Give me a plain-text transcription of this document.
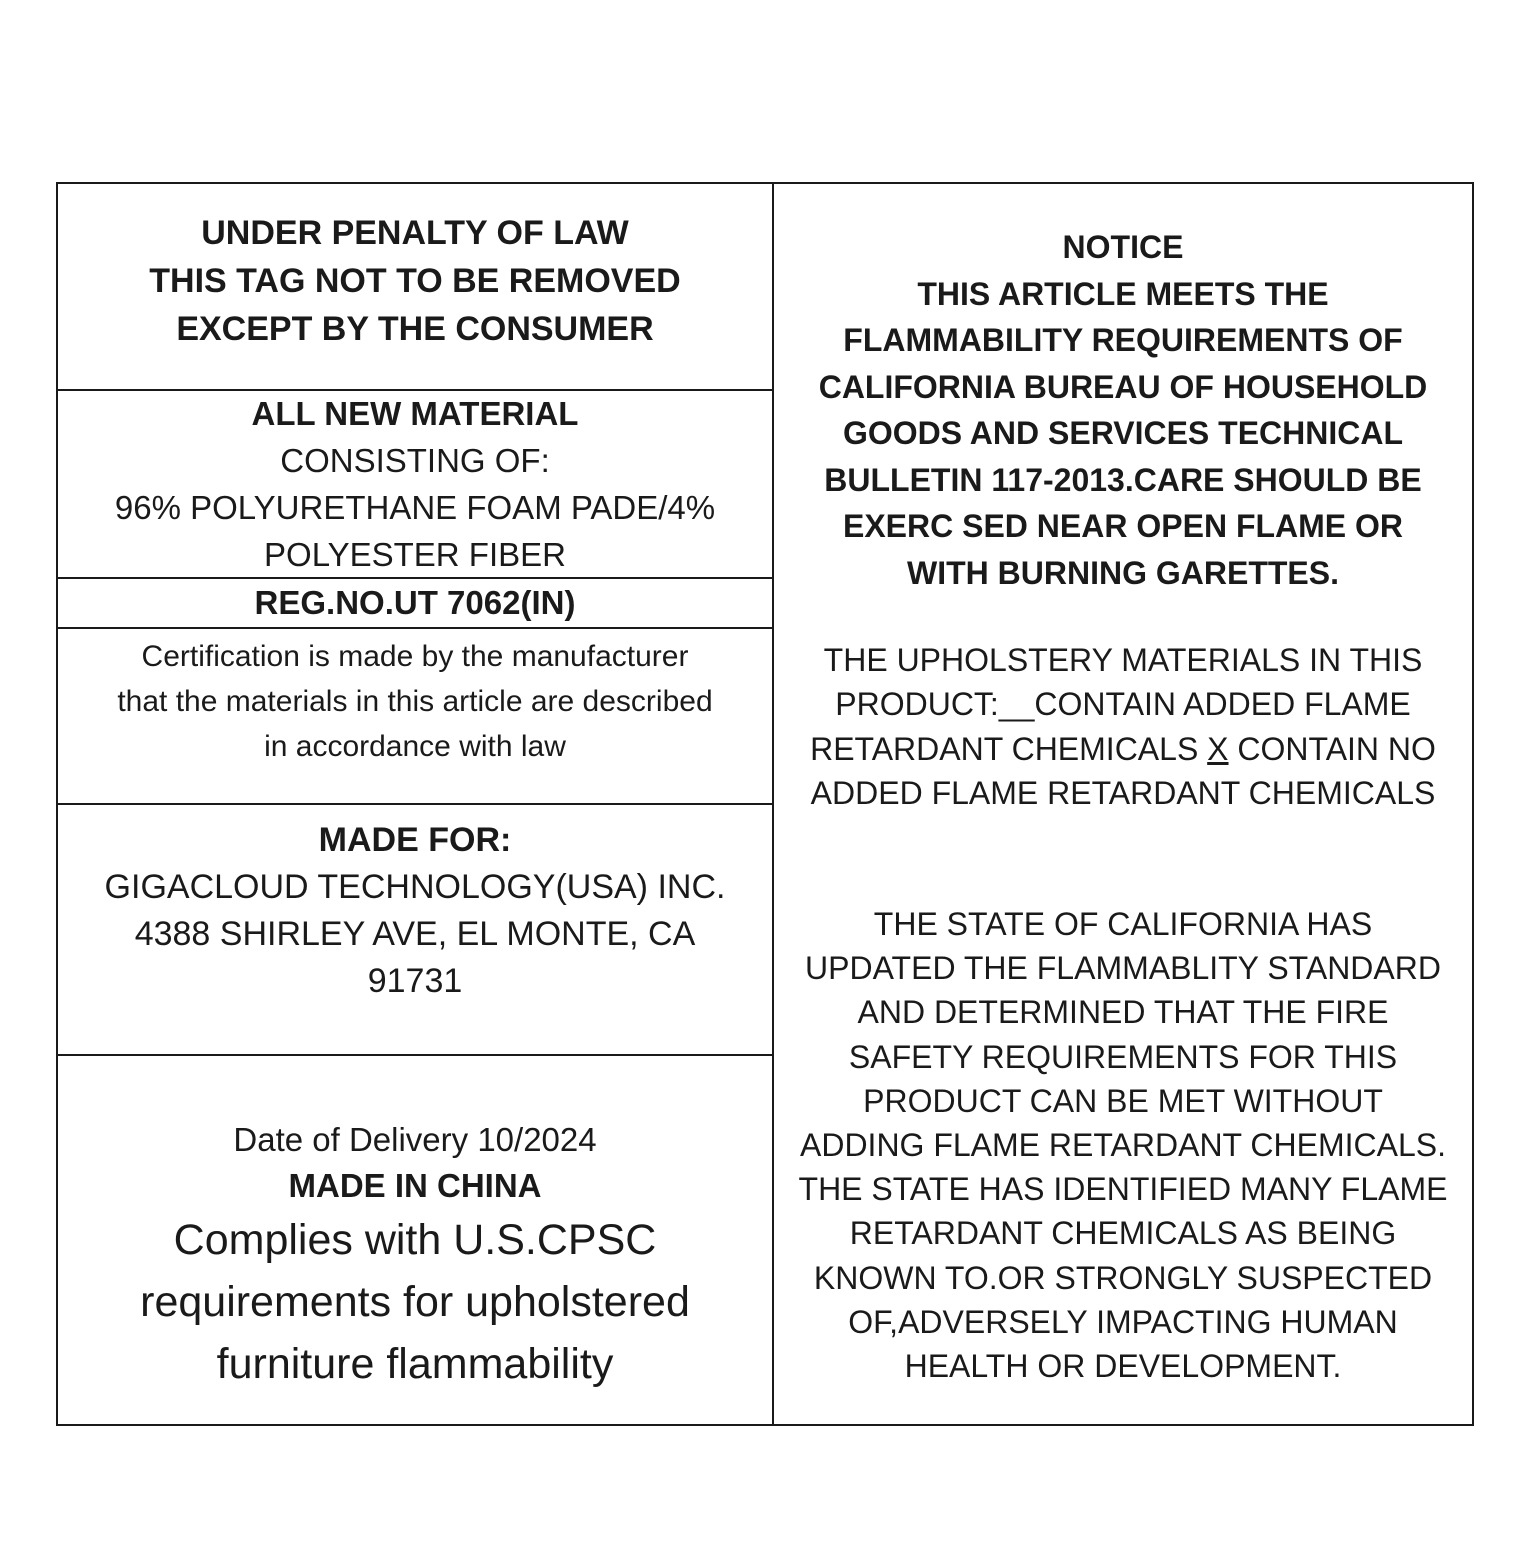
UNDER PENALTY OF LAW
THIS TAG NOT TO BE REMOVED
EXCEPT BY THE CONSUMER
ALL NEW MATERIAL
CONSISTING OF:
96% POLYURETHANE FOAM PADE/4%
POLYESTER FIBER
REG.NO.UT 7062(IN)
Certification is made by the manufacturer
that the materials in this article are described
in accordance with law
MADE FOR:
GIGACLOUD TECHNOLOGY(USA) INC.
4388 SHIRLEY AVE, EL MONTE, CA
91731
Date of Delivery 10/2024
MADE IN CHINA
Complies with U.S.CPSC
requirements for upholstered
furniture flammability
NOTICE
THIS ARTICLE MEETS THE
FLAMMABILITY REQUIREMENTS OF
CALIFORNIA BUREAU OF HOUSEHOLD
GOODS AND SERVICES TECHNICAL
BULLETIN 117-2013.CARE SHOULD BE
EXERC SED NEAR OPEN FLAME OR
WITH BURNING GARETTES.
THE UPHOLSTERY MATERIALS IN THIS
PRODUCT:__CONTAIN ADDED FLAME
RETARDANT CHEMICALS X CONTAIN NO
ADDED FLAME RETARDANT CHEMICALS
THE STATE OF CALIFORNIA HAS
UPDATED THE FLAMMABLITY STANDARD
AND DETERMINED THAT THE FIRE
SAFETY REQUIREMENTS FOR THIS
PRODUCT CAN BE MET WITHOUT
ADDING FLAME RETARDANT CHEMICALS.
THE STATE HAS IDENTIFIED MANY FLAME
RETARDANT CHEMICALS AS BEING
KNOWN TO.OR STRONGLY SUSPECTED
OF,ADVERSELY IMPACTING HUMAN
HEALTH OR DEVELOPMENT.
